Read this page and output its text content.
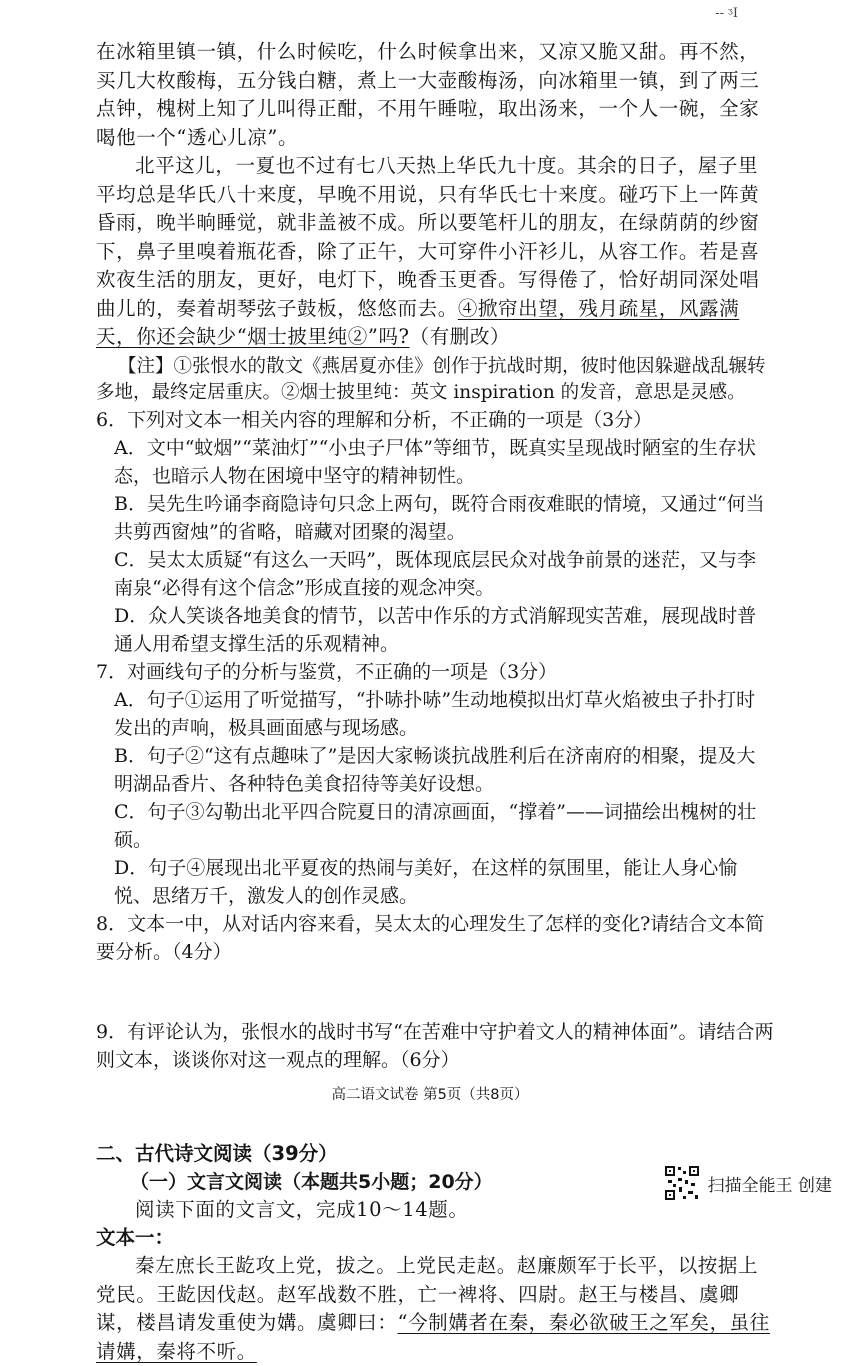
-- ᶾI

在冰箱里镇一镇，什么时候吃，什么时候拿出来，又凉又脆又甜。再不然，买几大枚酸梅，五分钱白糖，煮上一大壶酸梅汤，向冰箱里一镇，到了两三点钟，槐树上知了儿叫得正酣，不用午睡啦，取出汤来，一个人一碗，全家喝他一个“透心儿凉”。

北平这儿，一夏也不过有七八天热上华氏九十度。其余的日子，屋子里平均总是华氏八十来度，早晚不用说，只有华氏七十来度。碰巧下上一阵黄昏雨，晚半晌睡觉，就非盖被不成。所以要笔杆儿的朋友，在绿荫荫的纱窗下，鼻子里嗅着瓶花香，除了正午，大可穿件小汗衫儿，从容工作。若是喜欢夜生活的朋友，更好，电灯下，晚香玉更香。写得倦了，恰好胡同深处唱曲儿的，奏着胡琴弦子鼓板，悠悠而去。④掀帘出望，残月疏星，风露满天，你还会缺少“烟士披里纯②”吗?（有删改）

【注】①张恨水的散文《燕居夏亦佳》创作于抗战时期，彼时他因躲避战乱辗转多地，最终定居重庆。②烟士披里纯：英文 inspiration 的发音，意思是灵感。

6．下列对文本一相关内容的理解和分析，不正确的一项是（3分）

A．文中“蚊烟”“菜油灯”“小虫子尸体”等细节，既真实呈现战时陋室的生存状态，也暗示人物在困境中坚守的精神韧性。

B．吴先生吟诵李商隐诗句只念上两句，既符合雨夜难眠的情境，又通过“何当共剪西窗烛”的省略，暗藏对团聚的渴望。

C．吴太太质疑“有这么一天吗”，既体现底层民众对战争前景的迷茫，又与李南泉“必得有这个信念”形成直接的观念冲突。

D．众人笑谈各地美食的情节，以苦中作乐的方式消解现实苦难，展现战时普通人用希望支撑生活的乐观精神。

7．对画线句子的分析与鉴赏，不正确的一项是（3分）

A．句子①运用了听觉描写，“扑哧扑哧”生动地模拟出灯草火焰被虫子扑打时发出的声响，极具画面感与现场感。

B．句子②“这有点趣味了”是因大家畅谈抗战胜利后在济南府的相聚，提及大明湖品香片、各种特色美食招待等美好设想。

C．句子③勾勒出北平四合院夏日的清凉画面，“撑着”——词描绘出槐树的壮硕。

D．句子④展现出北平夏夜的热闹与美好，在这样的氛围里，能让人身心愉悦、思绪万千，激发人的创作灵感。

8．文本一中，从对话内容来看，吴太太的心理发生了怎样的变化?请结合文本简要分析。（4分）

9．有评论认为，张恨水的战时书写“在苦难中守护着文人的精神体面”。请结合两则文本，谈谈你对这一观点的理解。（6分）

二、古代诗文阅读（39分）

（一）文言文阅读（本题共5小题；20分）

阅读下面的文言文，完成10～14题。

文本一：

秦左庶长王龁攻上党，拔之。上党民走赵。赵廉颇军于长平，以按据上党民。王龁因伐赵。赵军战数不胜，亡一裨将、四尉。赵王与楼昌、虞卿谋，楼昌请发重使为媾。虞卿曰：“今制媾者在秦，秦必欲破王之军矣，虽往请媾，秦将不听。

高二语文试卷 第5页（共8页）
扫描全能王 创建
